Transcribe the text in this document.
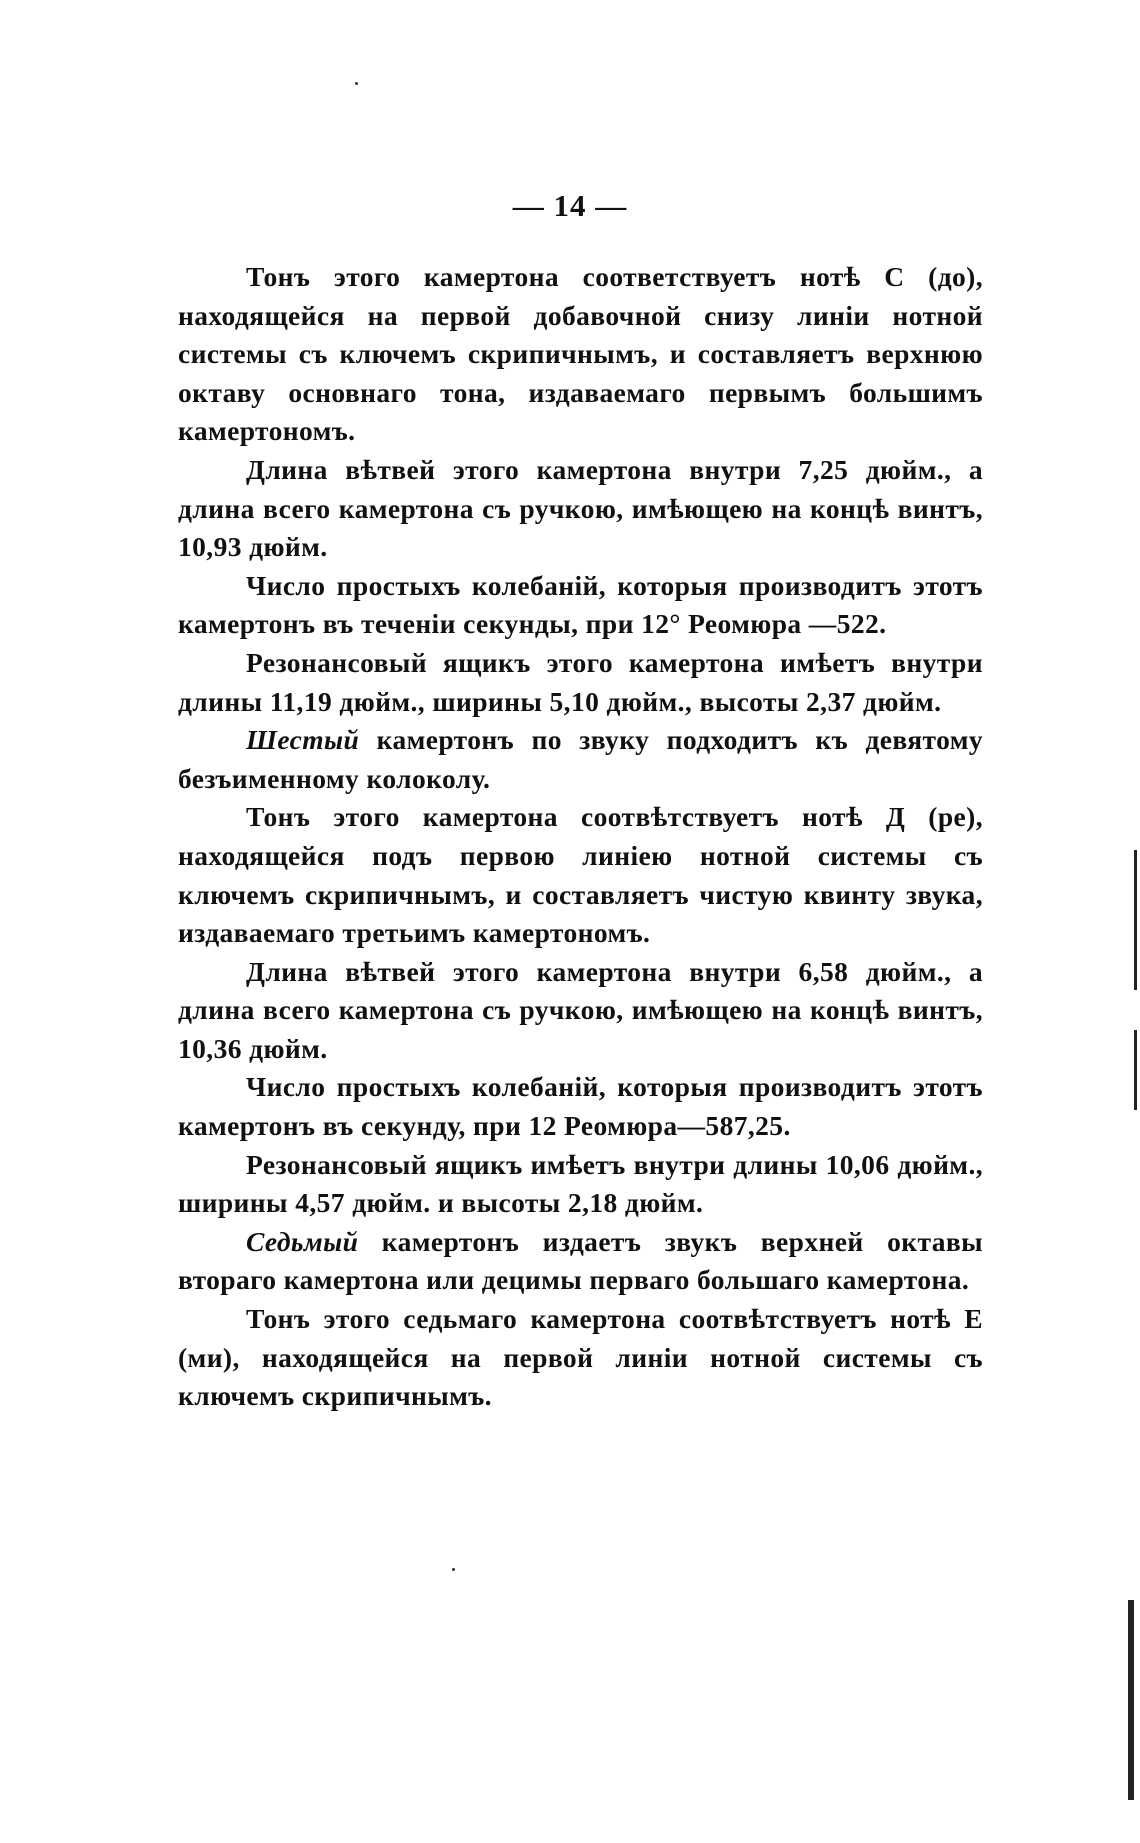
— 14 —

Тонъ этого камертона соответствуетъ нотѣ C (до), находящейся на первой добавочной снизу линіи нотной системы съ ключемъ скрипичнымъ, и составляетъ верхнюю октаву основнаго тона, издаваемаго первымъ большимъ камертономъ.

Длина вѣтвей этого камертона внутри 7,25 дюйм., а длина всего камертона съ ручкою, имѣющею на концѣ винтъ, 10,93 дюйм.

Число простыхъ колебаній, которыя производитъ этотъ камертонъ въ теченіи секунды, при 12° Реомюра —522.

Резонансовый ящикъ этого камертона имѣетъ внутри длины 11,19 дюйм., ширины 5,10 дюйм., высоты 2,37 дюйм.

Шестый камертонъ по звуку подходитъ къ девятому безъименному колоколу.

Тонъ этого камертона соотвѣтствуетъ нотѣ Д (ре), находящейся подъ первою линіею нотной системы съ ключемъ скрипичнымъ, и составляетъ чистую квинту звука, издаваемаго третьимъ камертономъ.

Длина вѣтвей этого камертона внутри 6,58 дюйм., а длина всего камертона съ ручкою, имѣющею на концѣ винтъ, 10,36 дюйм.

Число простыхъ колебаній, которыя производитъ этотъ камертонъ въ секунду, при 12 Реомюра—587,25.

Резонансовый ящикъ имѣетъ внутри длины 10,06 дюйм., ширины 4,57 дюйм. и высоты 2,18 дюйм.

Седьмый камертонъ издаетъ звукъ верхней октавы втораго камертона или децимы перваго большаго камертона.

Тонъ этого седьмаго камертона соотвѣтствуетъ нотѣ E (ми), находящейся на первой линіи нотной системы съ ключемъ скрипичнымъ.
